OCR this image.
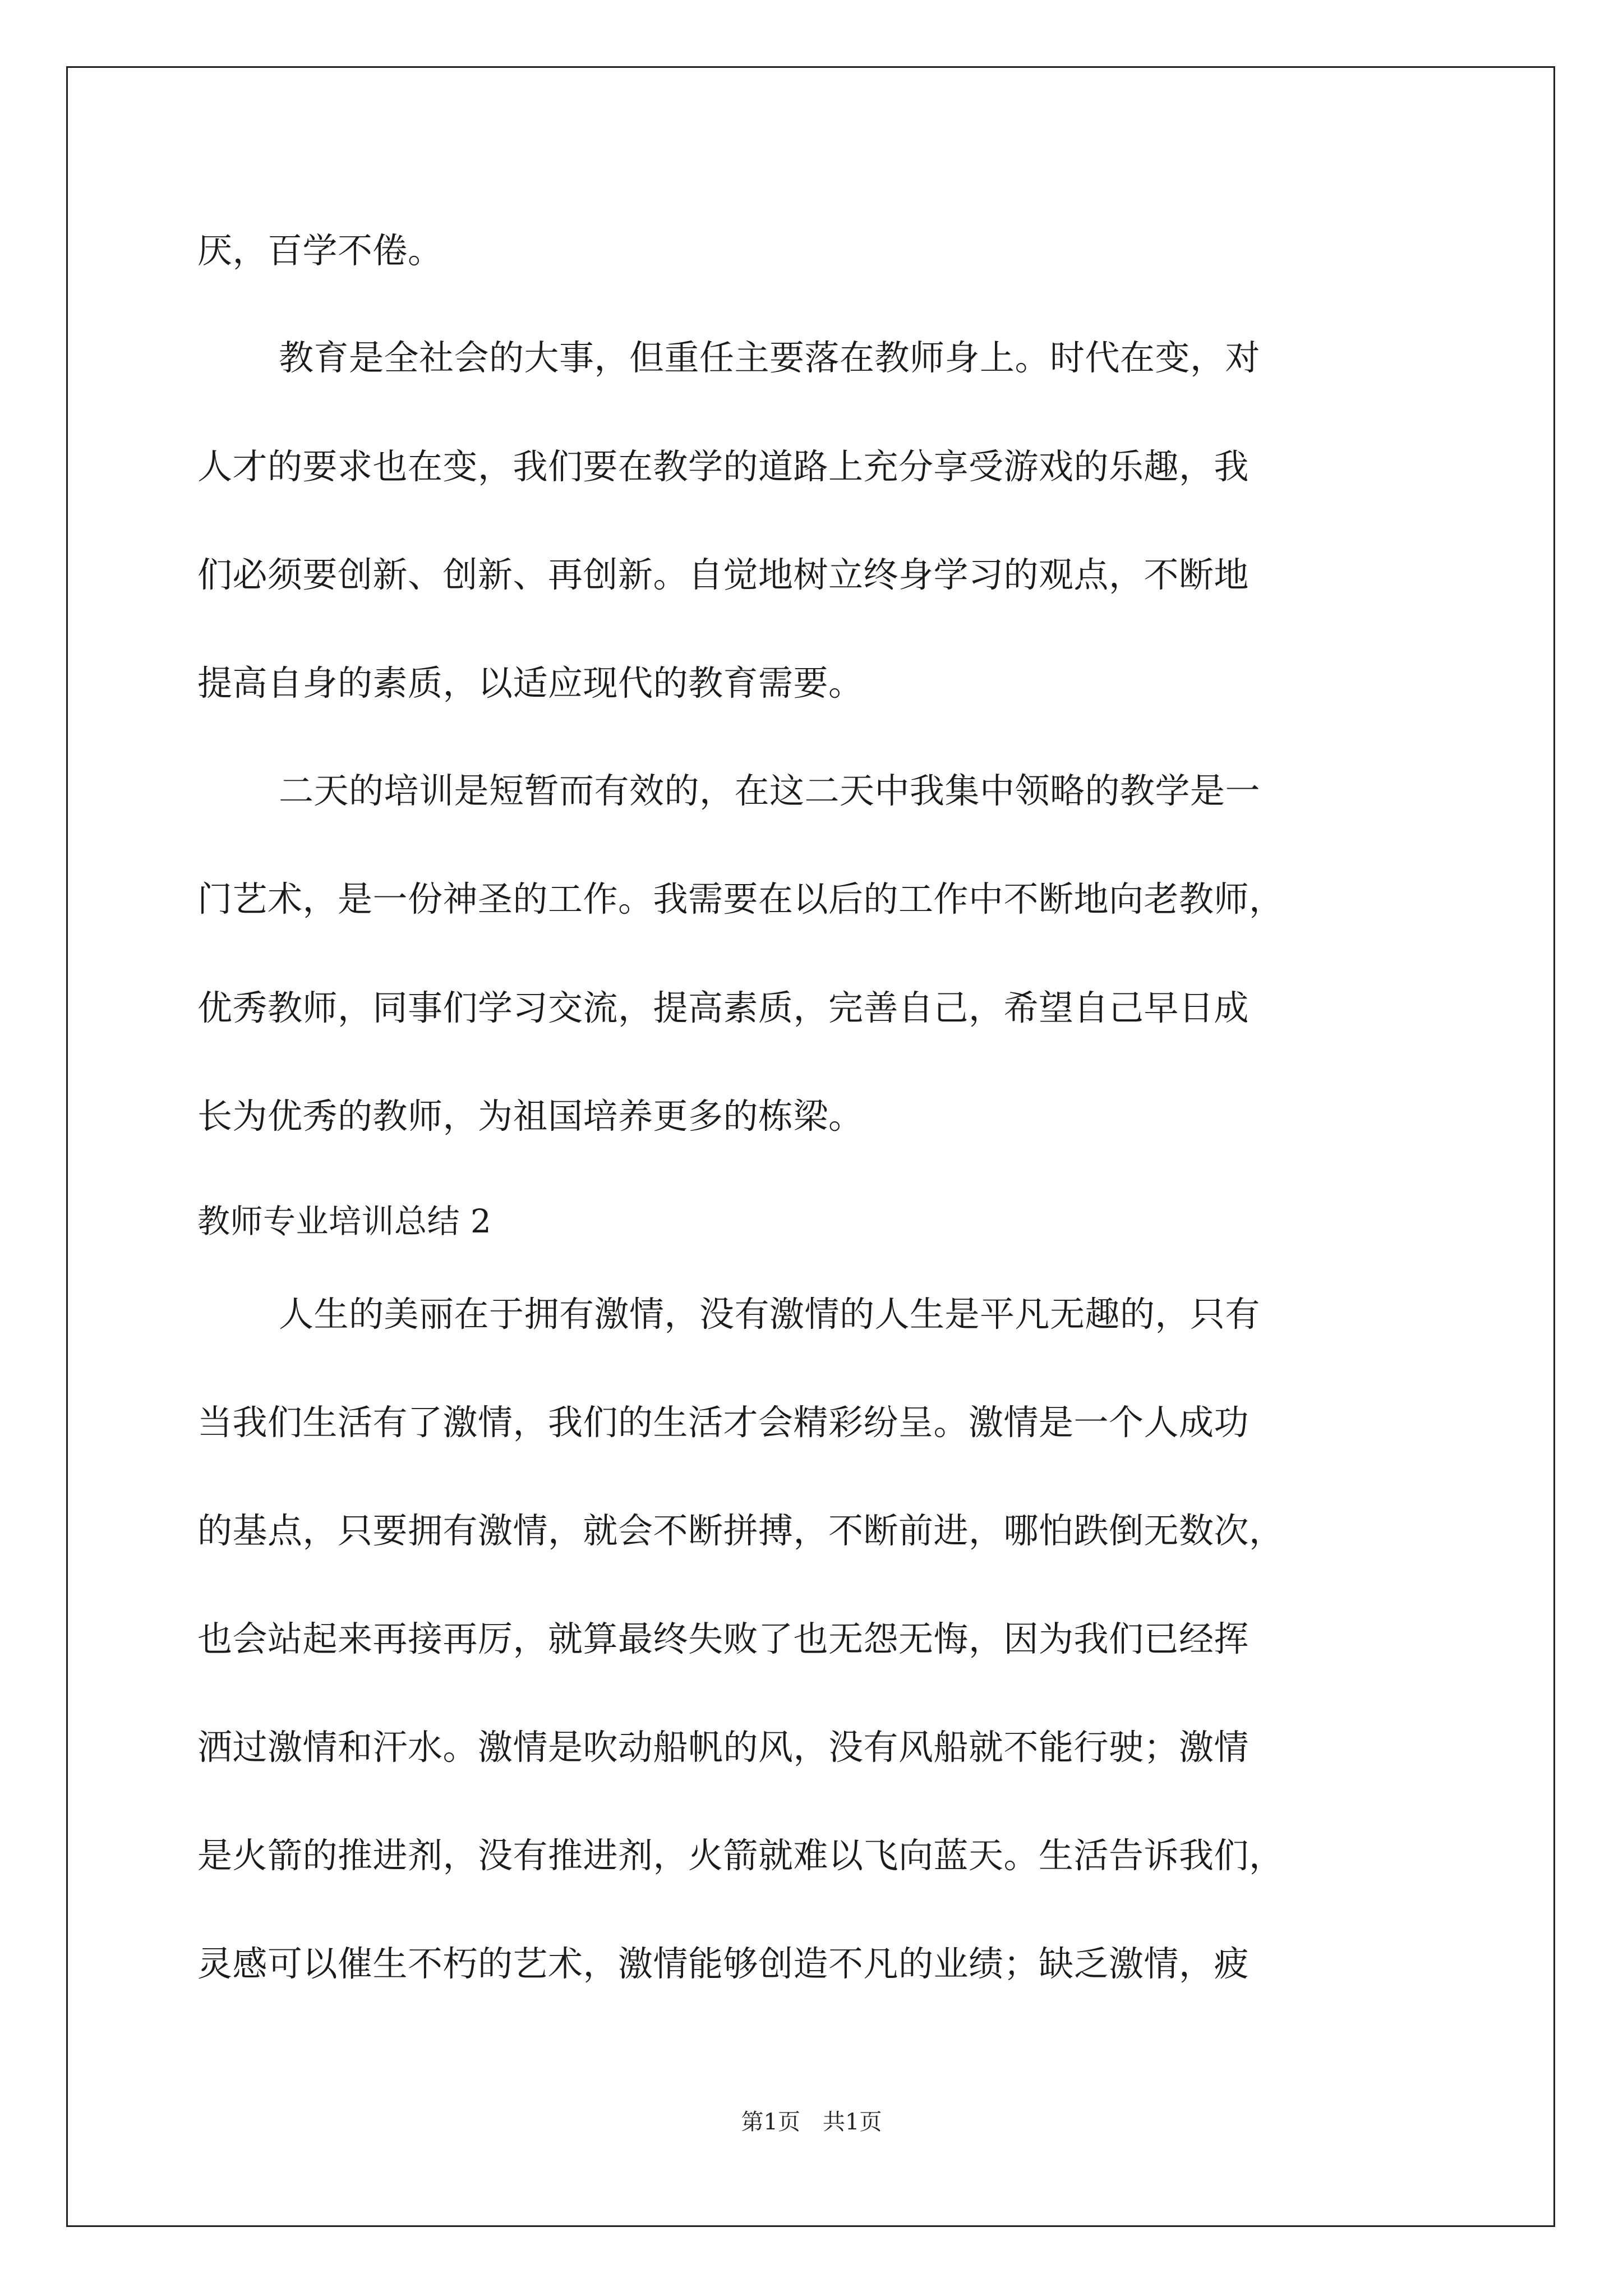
厌，百学不倦。
教育是全社会的大事，但重任主要落在教师身上。时代在变，对
人才的要求也在变，我们要在教学的道路上充分享受游戏的乐趣，我
们必须要创新、创新、再创新。自觉地树立终身学习的观点，不断地
提高自身的素质，以适应现代的教育需要。
二天的培训是短暂而有效的，在这二天中我集中领略的教学是一
门艺术，是一份神圣的工作。我需要在以后的工作中不断地向老教师，
优秀教师，同事们学习交流，提高素质，完善自己，希望自己早日成
长为优秀的教师，为祖国培养更多的栋梁。
教师专业培训总结 2
人生的美丽在于拥有激情，没有激情的人生是平凡无趣的，只有
当我们生活有了激情，我们的生活才会精彩纷呈。激情是一个人成功
的基点，只要拥有激情，就会不断拼搏，不断前进，哪怕跌倒无数次，
也会站起来再接再厉，就算最终失败了也无怨无悔，因为我们已经挥
洒过激情和汗水。激情是吹动船帆的风，没有风船就不能行驶；激情
是火箭的推进剂，没有推进剂，火箭就难以飞向蓝天。生活告诉我们，
灵感可以催生不朽的艺术，激情能够创造不凡的业绩；缺乏激情，疲
第1页　共1页
